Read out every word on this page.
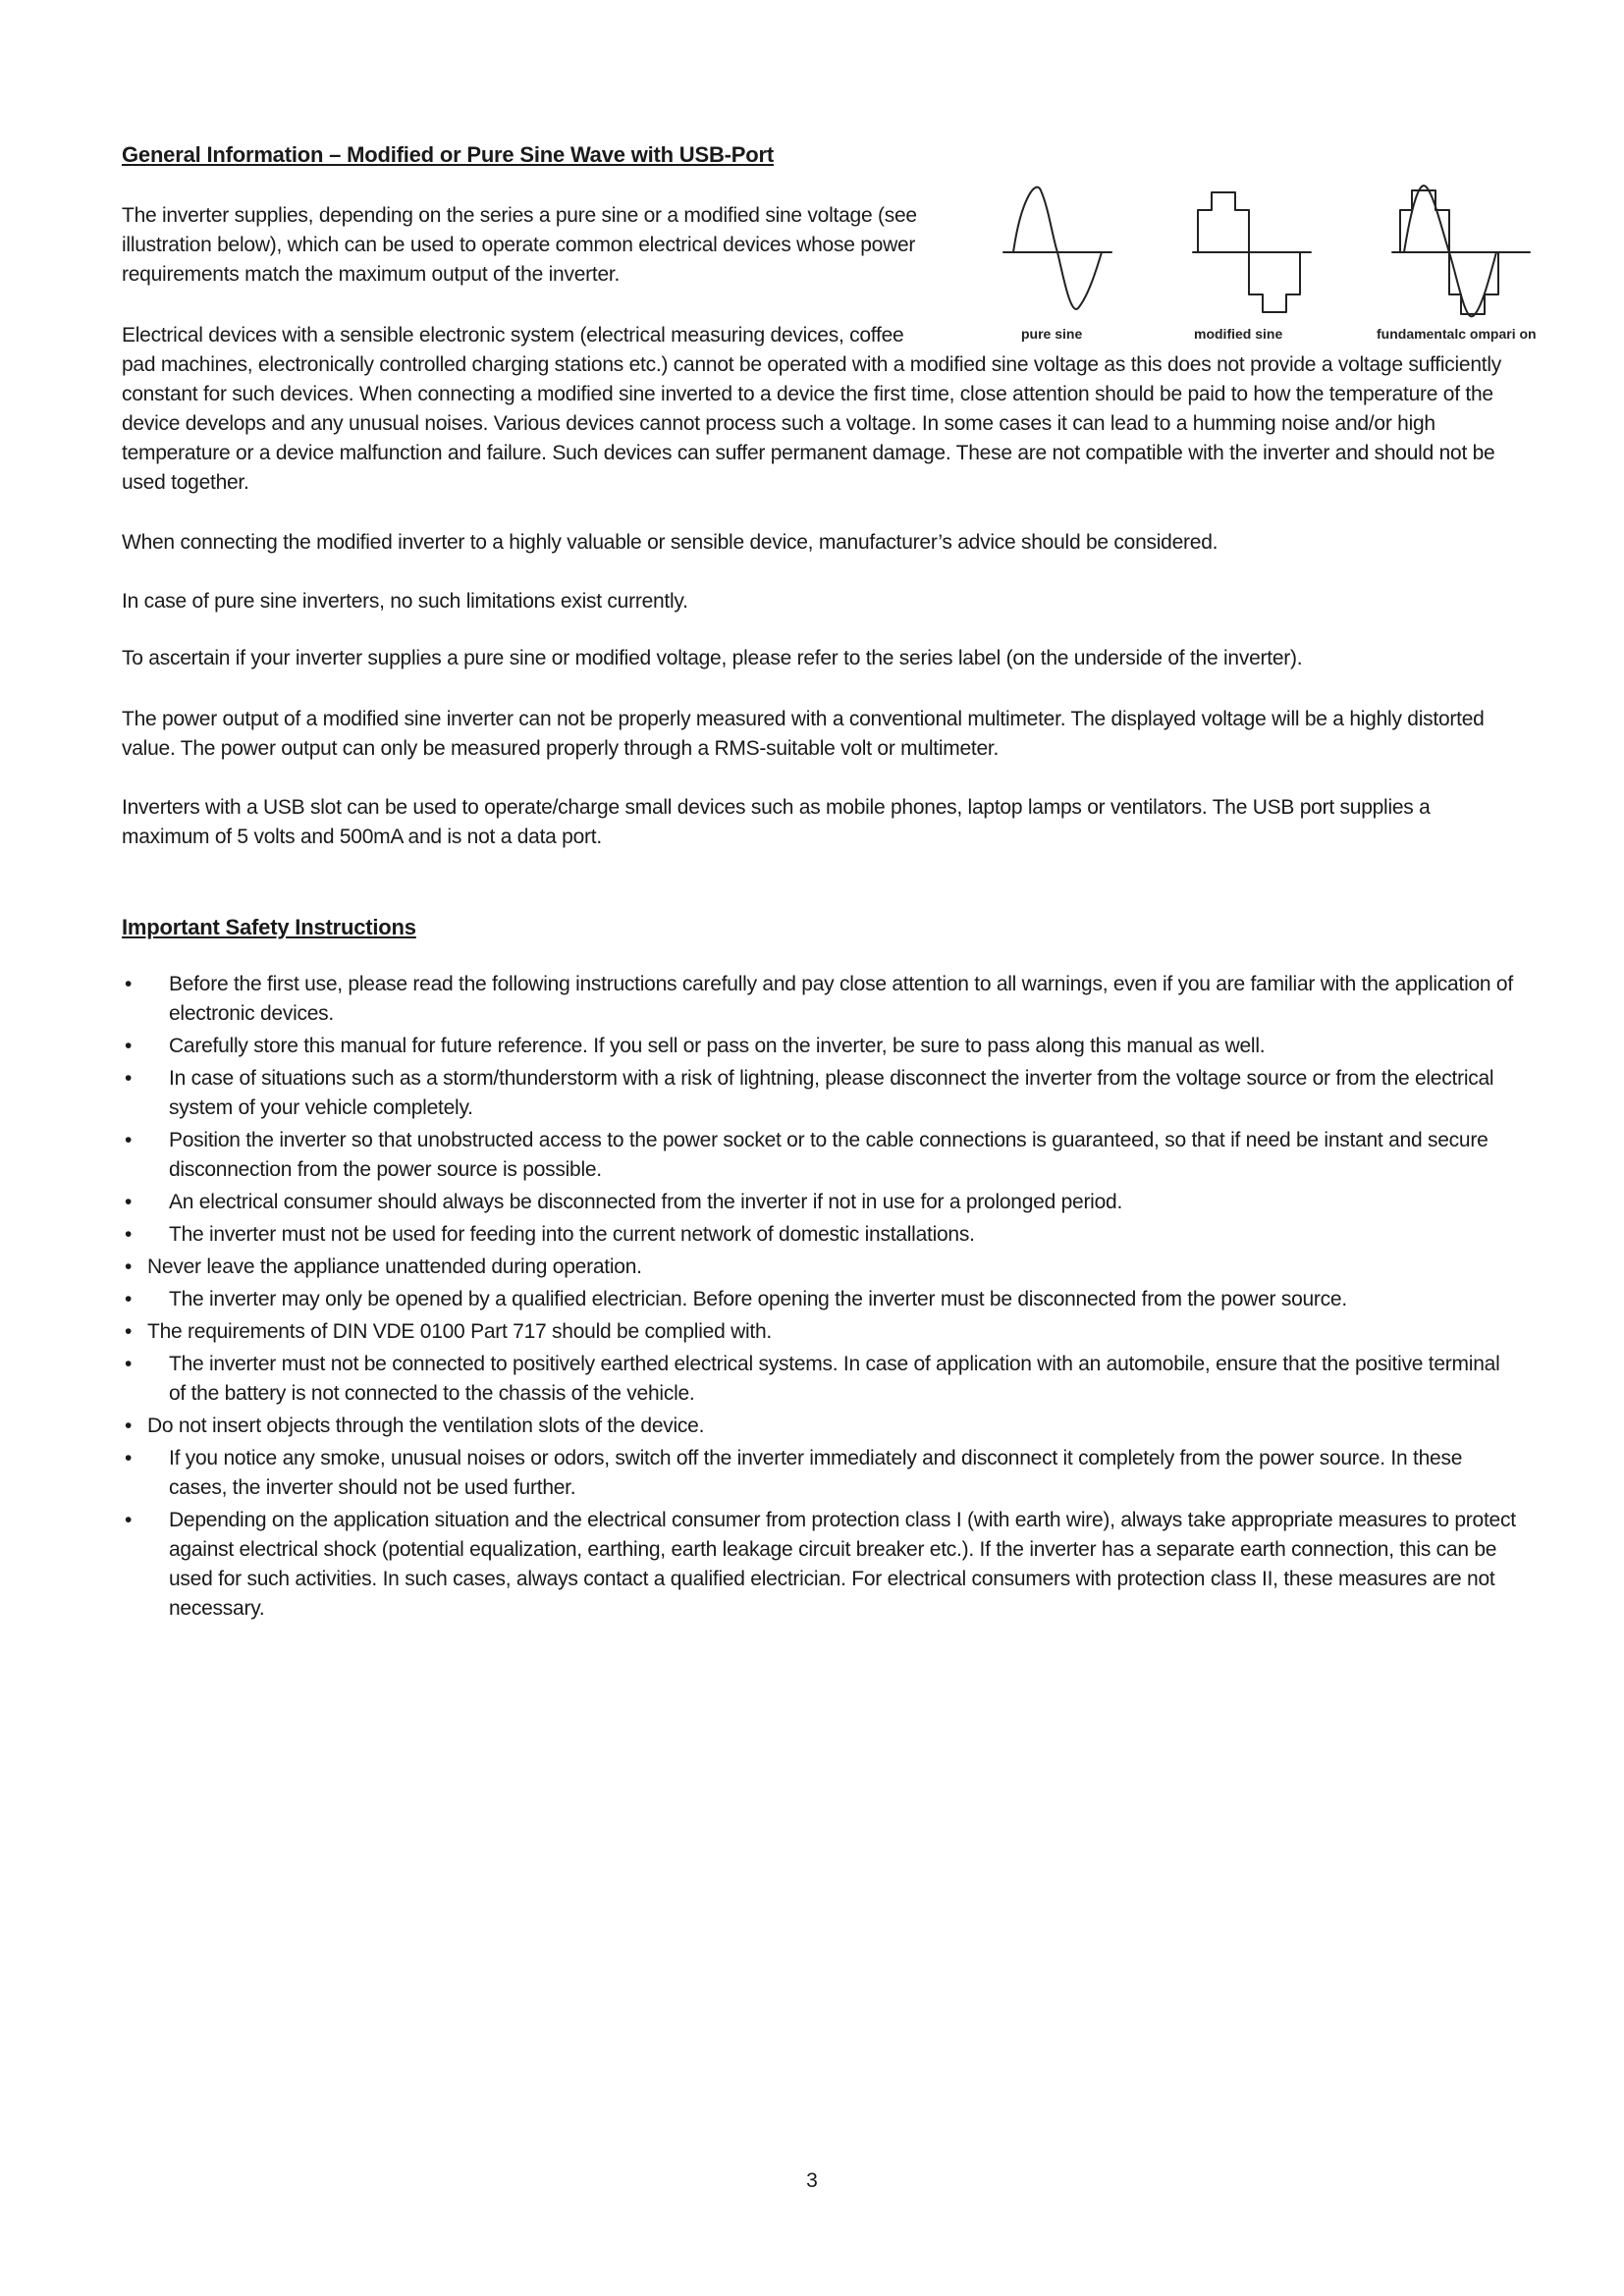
General Information – Modified or Pure Sine Wave with USB-Port

The inverter supplies, depending on the series a pure sine or a modified sine voltage (see illustration below), which can be used to operate common electrical devices whose power requirements match the maximum output of the inverter.

pure sine	modified sine	fundamentalc ompari on

Electrical devices with a sensible electronic system (electrical measuring devices, coffee

pad machines, electronically controlled charging stations etc.) cannot be operated with a modified sine voltage as this does not provide a voltage sufficiently constant for such devices. When connecting a modified sine inverted to a device the first time, close attention should be paid to how the temperature of the device develops and any unusual noises. Various devices cannot process such a voltage. In some cases it can lead to a humming noise and/or high temperature or a device malfunction and failure. Such devices can suffer permanent damage. These are not compatible with the inverter and should not be used together.

When connecting the modified inverter to a highly valuable or sensible device, manufacturer’s advice should be considered.

In case of pure sine inverters, no such limitations exist currently.

To ascertain if your inverter supplies a pure sine or modified voltage, please refer to the series label (on the underside of the inverter).

The power output of a modified sine inverter can not be properly measured with a conventional multimeter. The displayed voltage will be a highly distorted value. The power output can only be measured properly through a RMS-suitable volt or multimeter.

Inverters with a USB slot can be used to operate/charge small devices such as mobile phones, laptop lamps or ventilators. The USB port supplies a maximum of 5 volts and 500mA and is not a data port.

Important Safety Instructions
• Before the first use, please read the following instructions carefully and pay close attention to all warnings, even if you are familiar with the application of electronic devices.
• Carefully store this manual for future reference. If you sell or pass on the inverter, be sure to pass along this manual as well.
• In case of situations such as a storm/thunderstorm with a risk of lightning, please disconnect the inverter from the voltage source or from the electrical system of your vehicle completely.
• Position the inverter so that unobstructed access to the power socket or to the cable connections is guaranteed, so that if need be instant and secure disconnection from the power source is possible.
• An electrical consumer should always be disconnected from the inverter if not in use for a prolonged period.
• The inverter must not be used for feeding into the current network of domestic installations.
• Never leave the appliance unattended during operation.
• The inverter may only be opened by a qualified electrician. Before opening the inverter must be disconnected from the power source.
• The requirements of DIN VDE 0100 Part 717 should be complied with.
• The inverter must not be connected to positively earthed electrical systems. In case of application with an automobile, ensure that the positive terminal of the battery is not connected to the chassis of the vehicle.
• Do not insert objects through the ventilation slots of the device.
• If you notice any smoke, unusual noises or odors, switch off the inverter immediately and disconnect it completely from the power source. In these cases, the inverter should not be used further.
• Depending on the application situation and the electrical consumer from protection class I (with earth wire), always take appropriate measures to protect against electrical shock (potential equalization, earthing, earth leakage circuit breaker etc.). If the inverter has a separate earth connection, this can be used for such activities. In such cases, always contact a qualified electrician. For electrical consumers with protection class II, these measures are not necessary.

3
